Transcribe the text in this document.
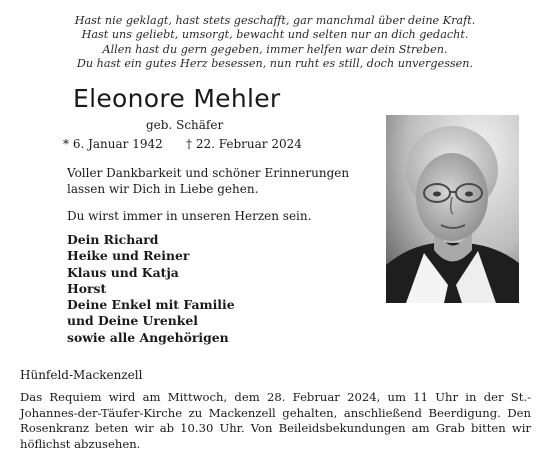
Hast nie geklagt, hast stets geschafft, gar manchmal über deine Kraft.
Hast uns geliebt, umsorgt, bewacht und selten nur an dich gedacht.
Allen hast du gern gegeben, immer helfen war dein Streben.
Du hast ein gutes Herz besessen, nun ruht es still, doch unvergessen.
Eleonore Mehler
geb. Schäfer
* 6. Januar 1942 † 22. Februar 2024
Voller Dankbarkeit und schöner Erinnerungen
lassen wir Dich in Liebe gehen.
Du wirst immer in unseren Herzen sein.
Dein Richard
Heike und Reiner
Klaus und Katja
Horst
Deine Enkel mit Familie
und Deine Urenkel
sowie alle Angehörigen
Hünfeld-Mackenzell
Das Requiem wird am Mittwoch, dem 28. Februar 2024, um 11 Uhr in der St.-Johannes-der-Täufer-Kirche zu Mackenzell gehalten, anschließend Beerdigung. Den Rosenkranz beten wir ab 10.30 Uhr. Von Beileidsbekundungen am Grab bitten wir höflichst abzusehen.
